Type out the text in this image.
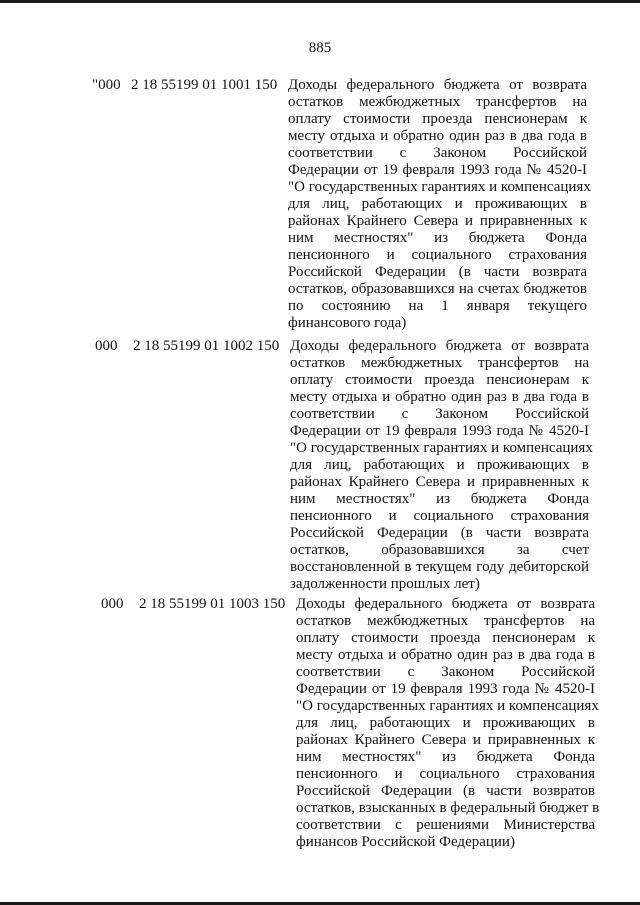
885
"000 2 18 55199 01 1001 150 Доходы федерального бюджета от возврата
остатков межбюджетных трансфертов на
оплату стоимости проезда пенсионерам к
месту отдыха и обратно один раз в два года в
соответствии с Законом Российской
Федерации от 19 февраля 1993 года № 4520-I
"О государственных гарантиях и компенсациях
для лиц, работающих и проживающих в
районах Крайнего Севера и приравненных к
ним местностях" из бюджета Фонда
пенсионного и социального страхования
Российской Федерации (в части возврата
остатков, образовавшихся на счетах бюджетов
по состоянию на 1 января текущего
финансового года)
000 2 18 55199 01 1002 150 Доходы федерального бюджета от возврата
остатков межбюджетных трансфертов на
оплату стоимости проезда пенсионерам к
месту отдыха и обратно один раз в два года в
соответствии с Законом Российской
Федерации от 19 февраля 1993 года № 4520-I
"О государственных гарантиях и компенсациях
для лиц, работающих и проживающих в
районах Крайнего Севера и приравненных к
ним местностях" из бюджета Фонда
пенсионного и социального страхования
Российской Федерации (в части возврата
остатков, образовавшихся за счет
восстановленной в текущем году дебиторской
задолженности прошлых лет)
000 2 18 55199 01 1003 150 Доходы федерального бюджета от возврата
остатков межбюджетных трансфертов на
оплату стоимости проезда пенсионерам к
месту отдыха и обратно один раз в два года в
соответствии с Законом Российской
Федерации от 19 февраля 1993 года № 4520-I
"О государственных гарантиях и компенсациях
для лиц, работающих и проживающих в
районах Крайнего Севера и приравненных к
ним местностях" из бюджета Фонда
пенсионного и социального страхования
Российской Федерации (в части возвратов
остатков, взысканных в федеральный бюджет в
соответствии с решениями Министерства
финансов Российской Федерации)
